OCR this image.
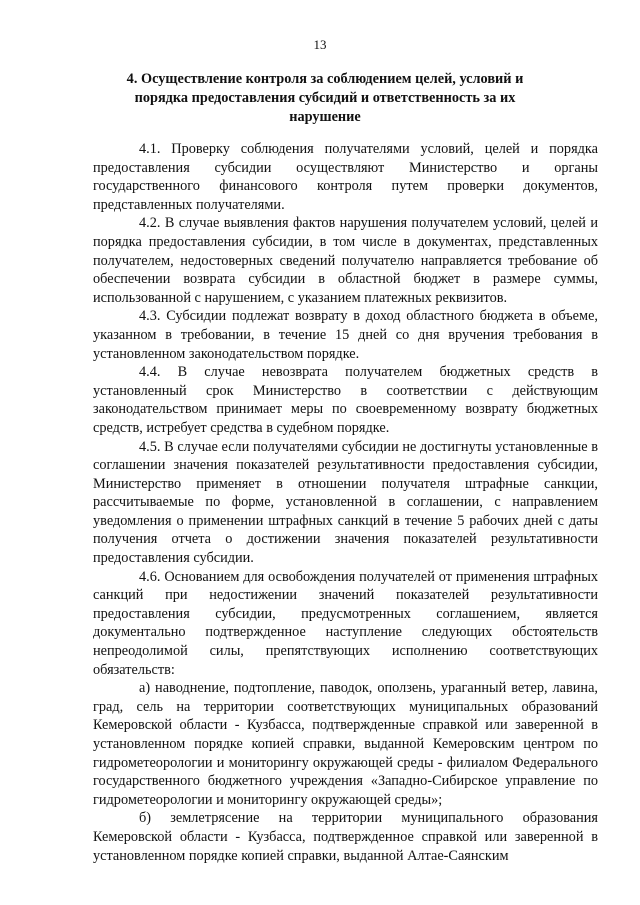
13
4. Осуществление контроля за соблюдением целей, условий и порядка предоставления субсидий и ответственность за их нарушение

4.1. Проверку соблюдения получателями условий, целей и порядка предоставления субсидии осуществляют Министерство и органы государственного финансового контроля путем проверки документов, представленных получателями.

4.2. В случае выявления фактов нарушения получателем условий, целей и порядка предоставления субсидии, в том числе в документах, представленных получателем, недостоверных сведений получателю направляется требование об обеспечении возврата субсидии в областной бюджет в размере суммы, использованной с нарушением, с указанием платежных реквизитов.

4.3. Субсидии подлежат возврату в доход областного бюджета в объеме, указанном в требовании, в течение 15 дней со дня вручения требования в установленном законодательством порядке.

4.4. В случае невозврата получателем бюджетных средств в установленный срок Министерство в соответствии с действующим законодательством принимает меры по своевременному возврату бюджетных средств, истребует средства в судебном порядке.

4.5. В случае если получателями субсидии не достигнуты установленные в соглашении значения показателей результативности предоставления субсидии, Министерство применяет в отношении получателя штрафные санкции, рассчитываемые по форме, установленной в соглашении, с направлением уведомления о применении штрафных санкций в течение 5 рабочих дней с даты получения отчета о достижении значения показателей результативности предоставления субсидии.

4.6. Основанием для освобождения получателей от применения штрафных санкций при недостижении значений показателей результативности предоставления субсидии, предусмотренных соглашением, является документально подтвержденное наступление следующих обстоятельств непреодолимой силы, препятствующих исполнению соответствующих обязательств:

а) наводнение, подтопление, паводок, оползень, ураганный ветер, лавина, град, сель на территории соответствующих муниципальных образований Кемеровской области - Кузбасса, подтвержденные справкой или заверенной в установленном порядке копией справки, выданной Кемеровским центром по гидрометеорологии и мониторингу окружающей среды - филиалом Федерального государственного бюджетного учреждения «Западно-Сибирское управление по гидрометеорологии и мониторингу окружающей среды»;

б) землетрясение на территории муниципального образования Кемеровской области - Кузбасса, подтвержденное справкой или заверенной в установленном порядке копией справки, выданной Алтае-Саянским
